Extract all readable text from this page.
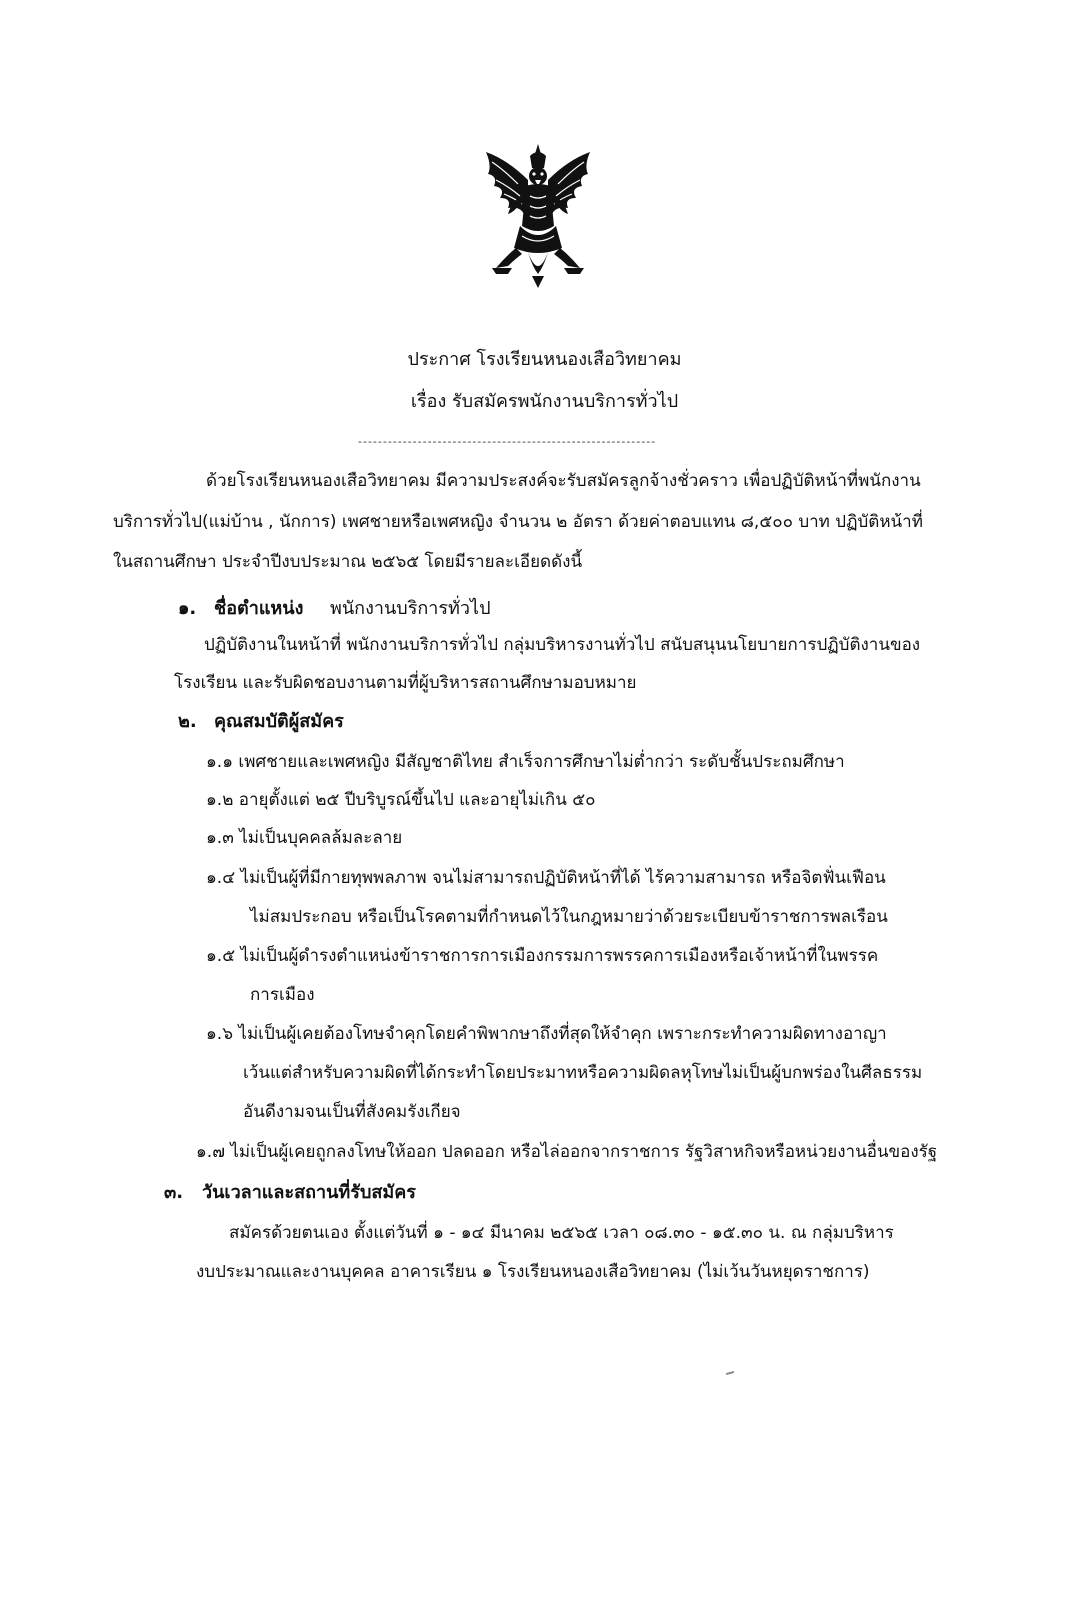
ประกาศ โรงเรียนหนองเสือวิทยาคม
เรื่อง รับสมัครพนักงานบริการทั่วไป
------------------------------------------------------------
ด้วยโรงเรียนหนองเสือวิทยาคม มีความประสงค์จะรับสมัครลูกจ้างชั่วคราว เพื่อปฏิบัติหน้าที่พนักงาน
บริการทั่วไป(แม่บ้าน , นักการ) เพศชายหรือเพศหญิง จำนวน ๒ อัตรา ด้วยค่าตอบแทน ๘,๕๐๐ บาท ปฏิบัติหน้าที่
ในสถานศึกษา ประจำปีงบประมาณ ๒๕๖๕ โดยมีรายละเอียดดังนี้
๑. ชื่อตำแหน่ง พนักงานบริการทั่วไป
ปฏิบัติงานในหน้าที่ พนักงานบริการทั่วไป กลุ่มบริหารงานทั่วไป สนับสนุนนโยบายการปฏิบัติงานของ
โรงเรียน และรับผิดชอบงานตามที่ผู้บริหารสถานศึกษามอบหมาย
๒. คุณสมบัติผู้สมัคร
๑.๑ เพศชายและเพศหญิง มีสัญชาติไทย สำเร็จการศึกษาไม่ต่ำกว่า ระดับชั้นประถมศึกษา
๑.๒ อายุตั้งแต่ ๒๕ ปีบริบูรณ์ขึ้นไป และอายุไม่เกิน ๕๐
๑.๓ ไม่เป็นบุคคลล้มละลาย
๑.๔ ไม่เป็นผู้ที่มีกายทุพพลภาพ จนไม่สามารถปฏิบัติหน้าที่ได้ ไร้ความสามารถ หรือจิตฟั่นเฟือน
ไม่สมประกอบ หรือเป็นโรคตามที่กำหนดไว้ในกฎหมายว่าด้วยระเบียบข้าราชการพลเรือน
๑.๕ ไม่เป็นผู้ดำรงตำแหน่งข้าราชการการเมืองกรรมการพรรคการเมืองหรือเจ้าหน้าที่ในพรรค
การเมือง
๑.๖ ไม่เป็นผู้เคยต้องโทษจำคุกโดยคำพิพากษาถึงที่สุดให้จำคุก เพราะกระทำความผิดทางอาญา
เว้นแต่สำหรับความผิดที่ได้กระทำโดยประมาทหรือความผิดลหุโทษไม่เป็นผู้บกพร่องในศีลธรรม
อันดีงามจนเป็นที่สังคมรังเกียจ
๑.๗ ไม่เป็นผู้เคยถูกลงโทษให้ออก ปลดออก หรือไล่ออกจากราชการ รัฐวิสาหกิจหรือหน่วยงานอื่นของรัฐ
๓. วันเวลาและสถานที่รับสมัคร
สมัครด้วยตนเอง ตั้งแต่วันที่ ๑ - ๑๔ มีนาคม ๒๕๖๕ เวลา ๐๘.๓๐ - ๑๕.๓๐ น. ณ กลุ่มบริหาร
งบประมาณและงานบุคคล อาคารเรียน ๑ โรงเรียนหนองเสือวิทยาคม (ไม่เว้นวันหยุดราชการ)
